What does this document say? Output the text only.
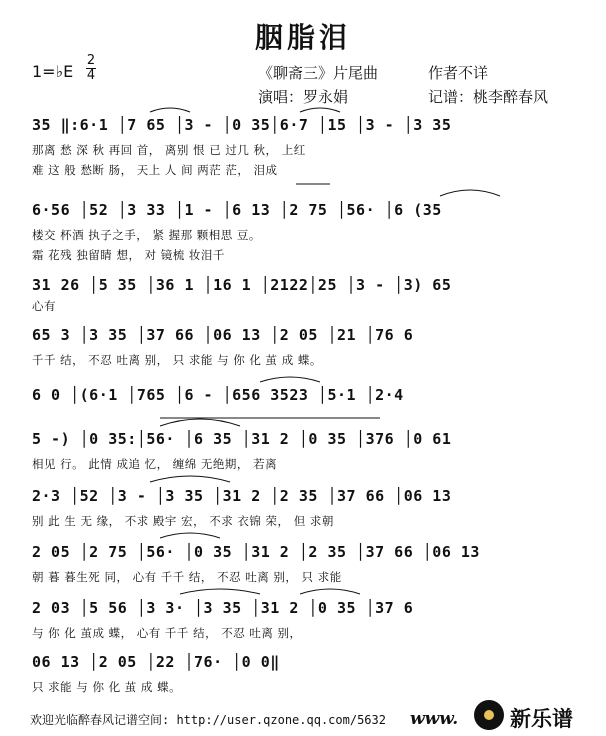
胭脂泪
1=♭E
2
4	《聊斋三》片尾曲
演唱：罗永娟
作者不详
记谱：桃李醉春风
35 ‖:6·1 │7 65 │3 - │0 35│6·7 │15 │3 - │3 35
那离 愁 深 秋 再回 首， 离别 恨 已 过几 秋， 上红
难 这 般 愁断 肠， 天上 人 间 两茫 茫， 泪成
6·56 │52 │3 33 │1 - │6 13 │2 75 │56· │6 (35
楼交 杯酒 执子之手， 紧 握那 颗相思 豆。
霜 花残 独留睛 想， 对 镜梳 妆泪千
31 26 │5 35 │36 1 │16 1 │2122│25 │3 - │3) 65
心有
65 3 │3 35 │37 66 │06 13 │2 05 │21 │76 6
千千 结， 不忍 吐离 别， 只 求能 与 你 化 茧 成 蝶。
6 0 │(6·1 │765 │6 - │656 3523 │5·1 │2·4
5 -) │0 35:│56· │6 35 │31 2 │0 35 │376 │0 61
相见 行。 此情 成追 忆， 缠绵 无绝期， 若离
2·3 │52 │3 - │3 35 │31 2 │2 35 │37 66 │06 13
别 此 生 无 缘， 不求 殿宇 宏， 不求 衣锦 荣， 但 求朝
2 05 │2 75 │56· │0 35 │31 2 │2 35 │37 66 │06 13
朝 暮 暮生死 同， 心有 千千 结， 不忍 吐离 别， 只 求能
2 03 │5 56 │3 3· │3 35 │31 2 │0 35 │37 6
与 你 化 茧成 蝶， 心有 千千 结， 不忍 吐离 别，
06 13 │2 05 │22 │76· │0 0‖
只 求能 与 你 化 茧 成 蝶。
欢迎光临醉春风记谱空间: http://user.qzone.qq.com/5632 www. 新乐谱
